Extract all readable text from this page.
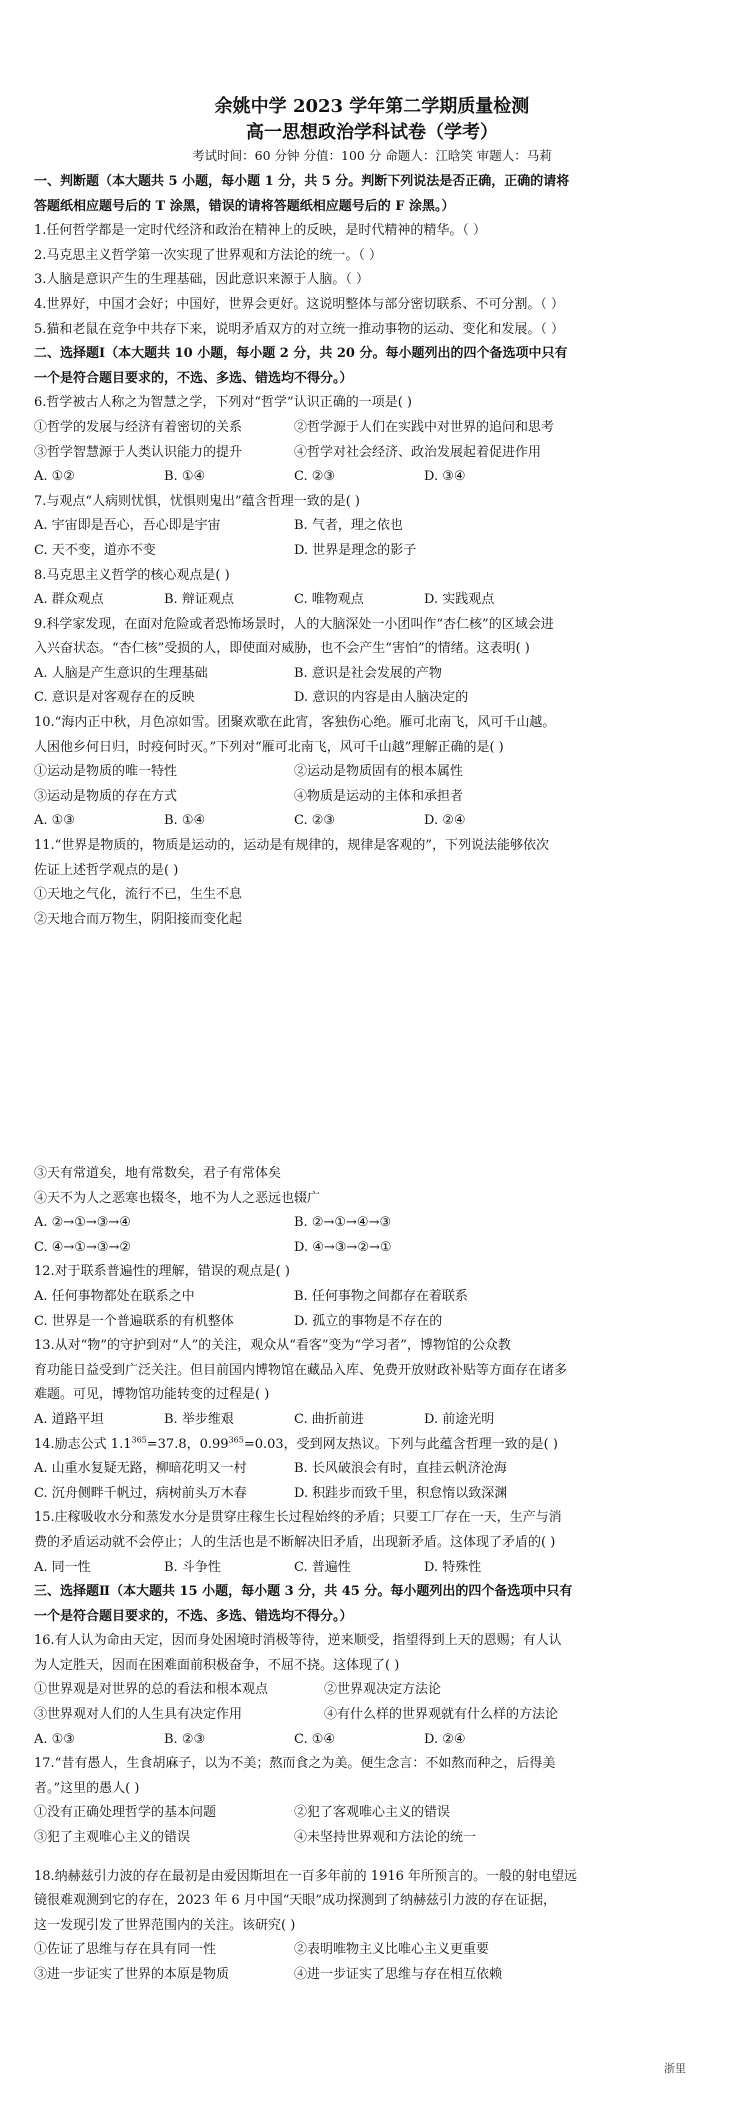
余姚中学 2023 学年第二学期质量检测
高一思想政治学科试卷（学考）
考试时间：60 分钟 分值：100 分 命题人：江晗笑 审题人：马莉
一、判断题（本大题共 5 小题，每小题 1 分，共 5 分。判断下列说法是否正确，正确的请将
答题纸相应题号后的 T 涂黑，错误的请将答题纸相应题号后的 F 涂黑。）
1.任何哲学都是一定时代经济和政治在精神上的反映，是时代精神的精华。（ ）
2.马克思主义哲学第一次实现了世界观和方法论的统一。（ ）
3.人脑是意识产生的生理基础，因此意识来源于人脑。（ ）
4.世界好，中国才会好；中国好，世界会更好。这说明整体与部分密切联系、不可分割。（ ）
5.猫和老鼠在竞争中共存下来，说明矛盾双方的对立统一推动事物的运动、变化和发展。（ ）
二、选择题Ⅰ（本大题共 10 小题，每小题 2 分，共 20 分。每小题列出的四个备选项中只有
一个是符合题目要求的，不选、多选、错选均不得分。）
6.哲学被古人称之为智慧之学，下列对“哲学”认识正确的一项是( )
①哲学的发展与经济有着密切的关系	②哲学源于人们在实践中对世界的追问和思考
③哲学智慧源于人类认识能力的提升	④哲学对社会经济、政治发展起着促进作用
A. ①②	B. ①④	C. ②③	D. ③④
7.与观点“人病则忧惧，忧惧则鬼出”蕴含哲理一致的是( )
A. 宇宙即是吾心，吾心即是宇宙	B. 气者，理之依也
C. 天不变，道亦不变	D. 世界是理念的影子
8.马克思主义哲学的核心观点是( )
A. 群众观点	B. 辩证观点	C. 唯物观点	D. 实践观点
9.科学家发现，在面对危险或者恐怖场景时，人的大脑深处一小团叫作“杏仁核”的区域会进
入兴奋状态。“杏仁核”受损的人，即使面对威胁，也不会产生“害怕”的情绪。这表明( )
A. 人脑是产生意识的生理基础	B. 意识是社会发展的产物
C. 意识是对客观存在的反映	D. 意识的内容是由人脑决定的
10.“海内正中秋，月色凉如雪。团聚欢歌在此宵，客独伤心绝。雁可北南飞，风可千山越。
人困他乡何日归，时疫何时灭。”下列对“雁可北南飞，风可千山越”理解正确的是( )
①运动是物质的唯一特性	②运动是物质固有的根本属性
③运动是物质的存在方式	④物质是运动的主体和承担者
A. ①③	B. ①④	C. ②③	D. ②④
11.“世界是物质的，物质是运动的，运动是有规律的，规律是客观的”，下列说法能够依次
佐证上述哲学观点的是( )
①天地之气化，流行不已，生生不息
②天地合而万物生，阴阳接而变化起
③天有常道矣，地有常数矣，君子有常体矣
④天不为人之恶寒也辍冬，地不为人之恶远也辍广
A. ②→①→③→④	B. ②→①→④→③
C. ④→①→③→②	D. ④→③→②→①
12.对于联系普遍性的理解，错误的观点是( )
A. 任何事物都处在联系之中	B. 任何事物之间都存在着联系
C. 世界是一个普遍联系的有机整体	D. 孤立的事物是不存在的
13.从对“物”的守护到对“人”的关注，观众从“看客”变为“学习者”，博物馆的公众教
育功能日益受到广泛关注。但目前国内博物馆在藏品入库、免费开放财政补贴等方面存在诸多
难题。可见，博物馆功能转变的过程是( )
A. 道路平坦	B. 举步维艰	C. 曲折前进	D. 前途光明
14.励志公式 $1.1^{365}=37.8$，$0.99^{365}=0.03$，受到网友热议。下列与此蕴含哲理一致的是( )
A. 山重水复疑无路，柳暗花明又一村	B. 长风破浪会有时，直挂云帆济沧海
C. 沉舟侧畔千帆过，病树前头万木春	D. 积跬步而致千里，积怠惰以致深渊
15.庄稼吸收水分和蒸发水分是贯穿庄稼生长过程始终的矛盾；只要工厂存在一天，生产与消
费的矛盾运动就不会停止；人的生活也是不断解决旧矛盾，出现新矛盾。这体现了矛盾的( )
A. 同一性	B. 斗争性	C. 普遍性	D. 特殊性
三、选择题Ⅱ（本大题共 15 小题，每小题 3 分，共 45 分。每小题列出的四个备选项中只有
一个是符合题目要求的，不选、多选、错选均不得分。）
16.有人认为命由天定，因而身处困境时消极等待，逆来顺受，指望得到上天的恩赐；有人认
为人定胜天，因而在困难面前积极奋争，不屈不挠。这体现了( )
①世界观是对世界的总的看法和根本观点	②世界观决定方法论
③世界观对人们的人生具有决定作用	④有什么样的世界观就有什么样的方法论
A. ①③	B. ②③	C. ①④	D. ②④
17.“昔有愚人，生食胡麻子，以为不美；熬而食之为美。便生念言：不如熬而种之，后得美
者。”这里的愚人( )
①没有正确处理哲学的基本问题	②犯了客观唯心主义的错误
③犯了主观唯心主义的错误	④未坚持世界观和方法论的统一
18.纳赫兹引力波的存在最初是由爱因斯坦在一百多年前的 1916 年所预言的。一般的射电望远
镜很难观测到它的存在，2023 年 6 月中国“天眼”成功探测到了纳赫兹引力波的存在证据，
这一发现引发了世界范围内的关注。该研究( )
①佐证了思维与存在具有同一性	②表明唯物主义比唯心主义更重要
③进一步证实了世界的本原是物质	④进一步证实了思维与存在相互依赖
浙里
